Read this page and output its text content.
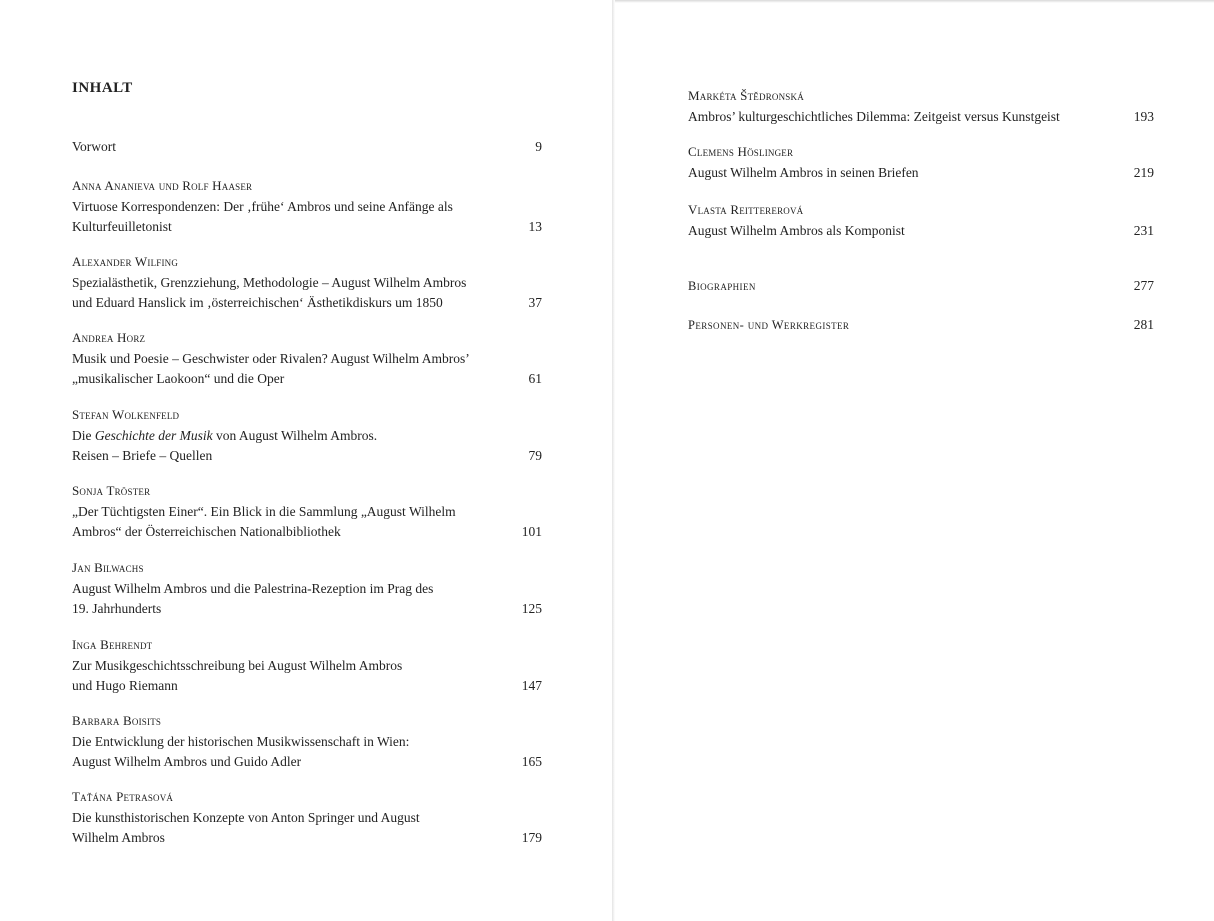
INHALT
Vorwort	9
Anna Ananieva und Rolf Haaser
Virtuose Korrespondenzen: Der ‚frühe‘ Ambros und seine Anfänge als
Kulturfeuilletonist	13
Alexander Wilfing
Spezialästhetik, Grenzziehung, Methodologie – August Wilhelm Ambros
und Eduard Hanslick im ‚österreichischen‘ Ästhetikdiskurs um 1850	37
Andrea Horz
Musik und Poesie – Geschwister oder Rivalen? August Wilhelm Ambros’
„musikalischer Laokoon“ und die Oper	61
Stefan Wolkenfeld
Die Geschichte der Musik von August Wilhelm Ambros.
Reisen – Briefe – Quellen	79
Sonja Tröster
„Der Tüchtigsten Einer“. Ein Blick in die Sammlung „August Wilhelm
Ambros“ der Österreichischen Nationalbibliothek	101
Jan Bilwachs
August Wilhelm Ambros und die Palestrina-Rezeption im Prag des
19. Jahrhunderts	125
Inga Behrendt
Zur Musikgeschichtsschreibung bei August Wilhelm Ambros
und Hugo Riemann	147
Barbara Boisits
Die Entwicklung der historischen Musikwissenschaft in Wien:
August Wilhelm Ambros und Guido Adler	165
Taťána Petrasová
Die kunsthistorischen Konzepte von Anton Springer und August
Wilhelm Ambros	179
Markéta Štědronská
Ambros’ kulturgeschichtliches Dilemma: Zeitgeist versus Kunstgeist	193
Clemens Höslinger
August Wilhelm Ambros in seinen Briefen	219
Vlasta Reittererová
August Wilhelm Ambros als Komponist	231
Biographien	277
Personen- und Werkregister	281
